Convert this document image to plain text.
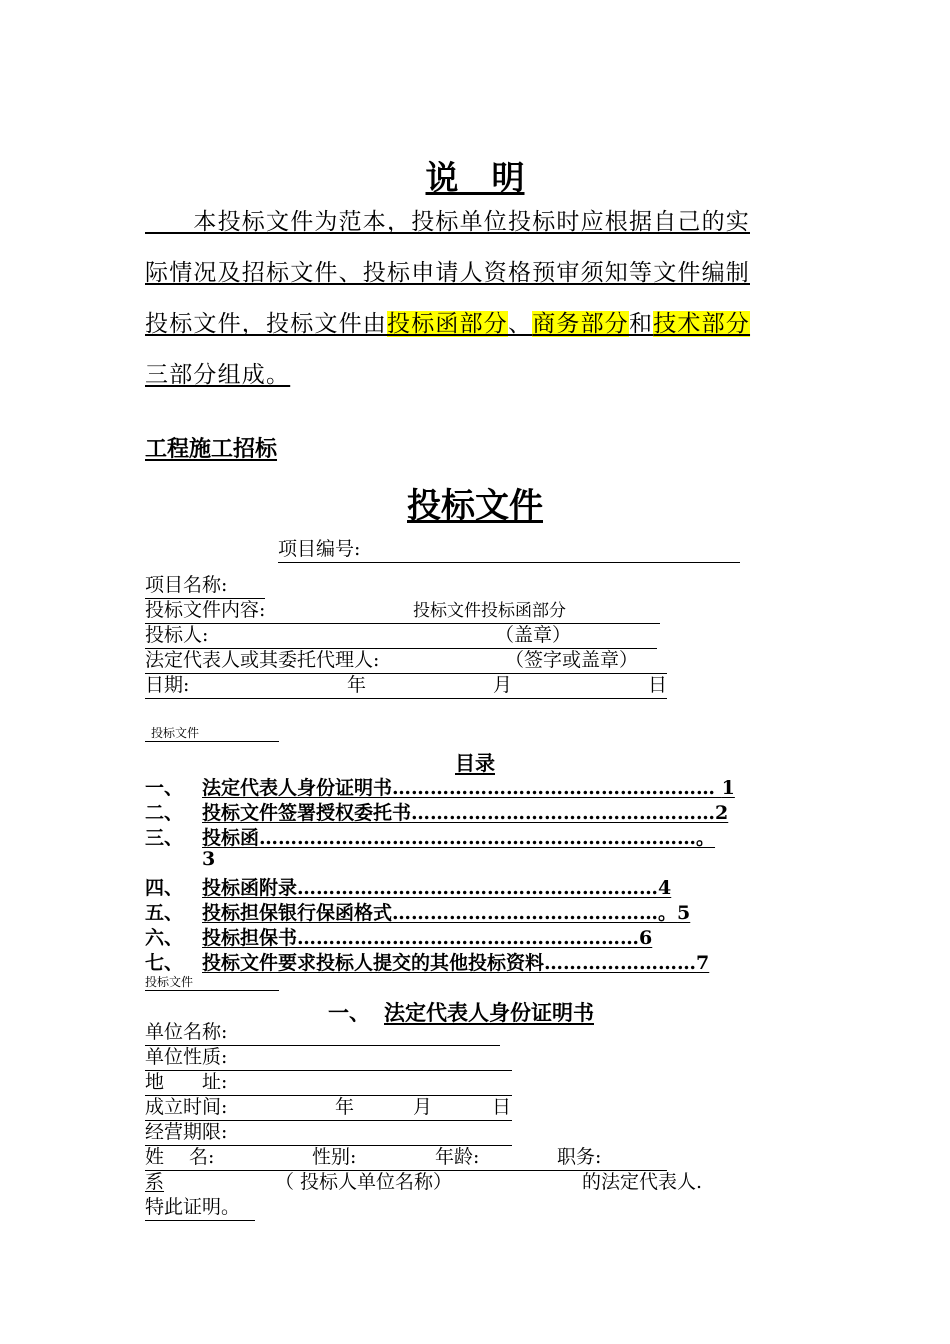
说　明
　　本投标文件为范本，投标单位投标时应根据自己的实
际情况及招标文件、投标申请人资格预审须知等文件编制
投标文件，投标文件由投标函部分、商务部分和技术部分
三部分组成。
工程施工招标
投标文件
项目编号:
项目名称:
投标文件内容:	投标文件投标函部分
投标人:	（盖章）
法定代表人或其委托代理人:	（签字或盖章）
日期:	年	月	日
投标文件
目录
一、 法定代表人身份证明书…………………………………………… 1
二、 投标文件签署授权委托书…………………………………………2
三、 投标函……………………………………………………………。
3
四、 投标函附录…………………………………………………4
五、 投标担保银行保函格式……………………………………。5
六、 投标担保书………………………………………………6
七、 投标文件要求投标人提交的其他投标资料……………………7
投标文件
一、 法定代表人身份证明书
单位名称:
单位性质:
地　　址:
成立时间:	年	月	日
经营期限:
姓　 名:	性别:	年龄:	职务:
系	（ 投标人单位名称）	的法定代表人.
特此证明。
